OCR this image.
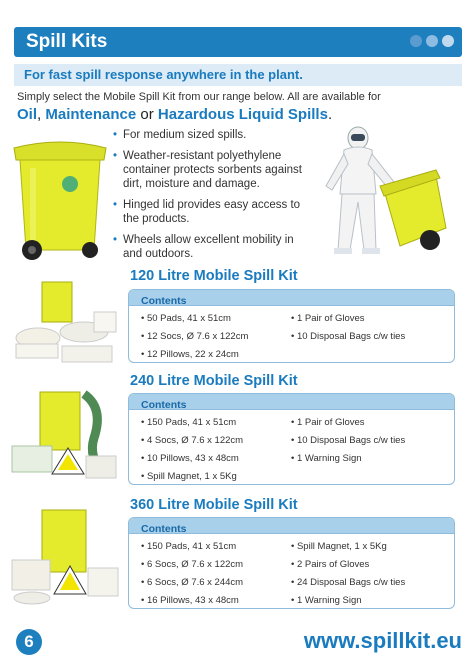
Spill Kits
For fast spill response anywhere in the plant.
Simply select the Mobile Spill Kit from our range below. All are available for
Oil, Maintenance or Hazardous Liquid Spills.
• For medium sized spills.
• Weather-resistant polyethylene container protects sorbents against dirt, moisture and damage.
• Hinged lid provides easy access to the products.
• Wheels allow excellent mobility in and outdoors.
120 Litre Mobile Spill Kit
Contents
• 50 Pads, 41 x 51cm
• 12 Socs, Ø 7.6 x 122cm
• 12 Pillows, 22 x 24cm
• 1 Pair of Gloves
• 10 Disposal Bags c/w ties
240 Litre Mobile Spill Kit
Contents
• 150 Pads, 41 x 51cm
• 4 Socs, Ø 7.6 x 122cm
• 10 Pillows, 43 x 48cm
• Spill Magnet, 1 x 5Kg
• 1 Pair of Gloves
• 10 Disposal Bags c/w ties
• 1 Warning Sign
360 Litre Mobile Spill Kit
Contents
• 150 Pads, 41 x 51cm
• 6 Socs, Ø 7.6 x 122cm
• 6 Socs, Ø 7.6 x 244cm
• 16 Pillows, 43 x 48cm
• Spill Magnet, 1 x 5Kg
• 2 Pairs of Gloves
• 24 Disposal Bags c/w ties
• 1 Warning Sign
6	www.spillkit.eu
